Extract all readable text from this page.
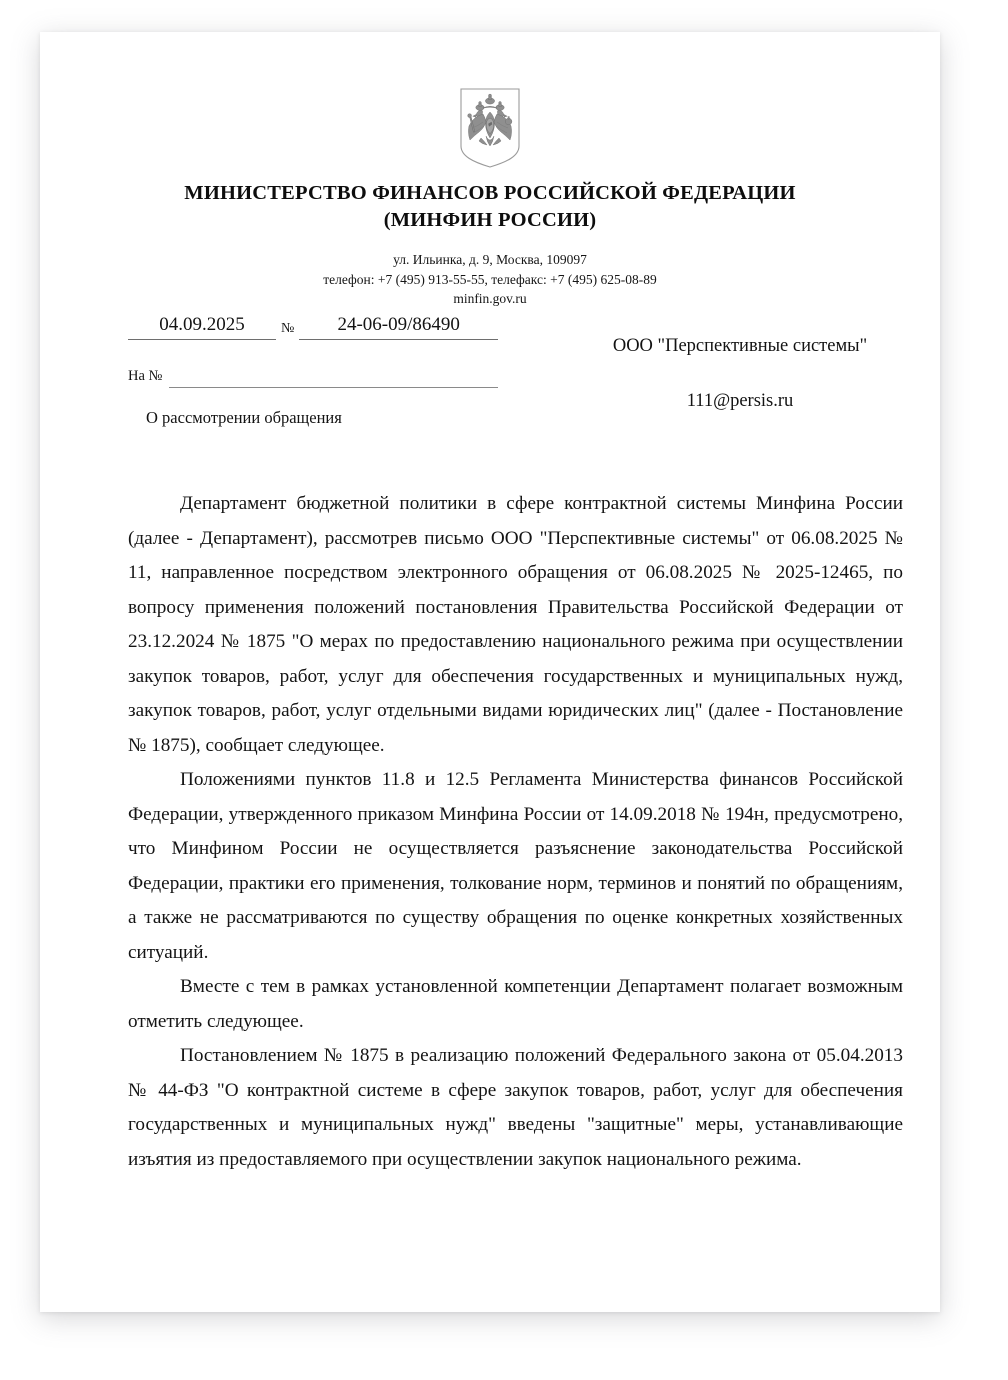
МИНИСТЕРСТВО ФИНАНСОВ РОССИЙСКОЙ ФЕДЕРАЦИИ
(МИНФИН РОССИИ)
ул. Ильинка, д. 9, Москва, 109097
телефон: +7 (495) 913-55-55, телефакс: +7 (495) 625-08-89
minfin.gov.ru
04.09.2025	№	24-06-09/86490
На №
ООО "Перспективные системы"
111@persis.ru
О рассмотрении обращения

Департамент бюджетной политики в сфере контрактной системы Минфина России (далее - Департамент), рассмотрев письмо ООО "Перспективные системы" от 06.08.2025 № 11, направленное посредством электронного обращения от 06.08.2025 № 2025-12465, по вопросу применения положений постановления Правительства Российской Федерации от 23.12.2024 № 1875 "О мерах по предоставлению национального режима при осуществлении закупок товаров, работ, услуг для обеспечения государственных и муниципальных нужд, закупок товаров, работ, услуг отдельными видами юридических лиц" (далее - Постановление № 1875), сообщает следующее.

Положениями пунктов 11.8 и 12.5 Регламента Министерства финансов Российской Федерации, утвержденного приказом Минфина России от 14.09.2018 № 194н, предусмотрено, что Минфином России не осуществляется разъяснение законодательства Российской Федерации, практики его применения, толкование норм, терминов и понятий по обращениям, а также не рассматриваются по существу обращения по оценке конкретных хозяйственных ситуаций.

Вместе с тем в рамках установленной компетенции Департамент полагает возможным отметить следующее.

Постановлением № 1875 в реализацию положений Федерального закона от 05.04.2013 № 44-ФЗ "О контрактной системе в сфере закупок товаров, работ, услуг для обеспечения государственных и муниципальных нужд" введены "защитные" меры, устанавливающие изъятия из предоставляемого при осуществлении закупок национального режима.
